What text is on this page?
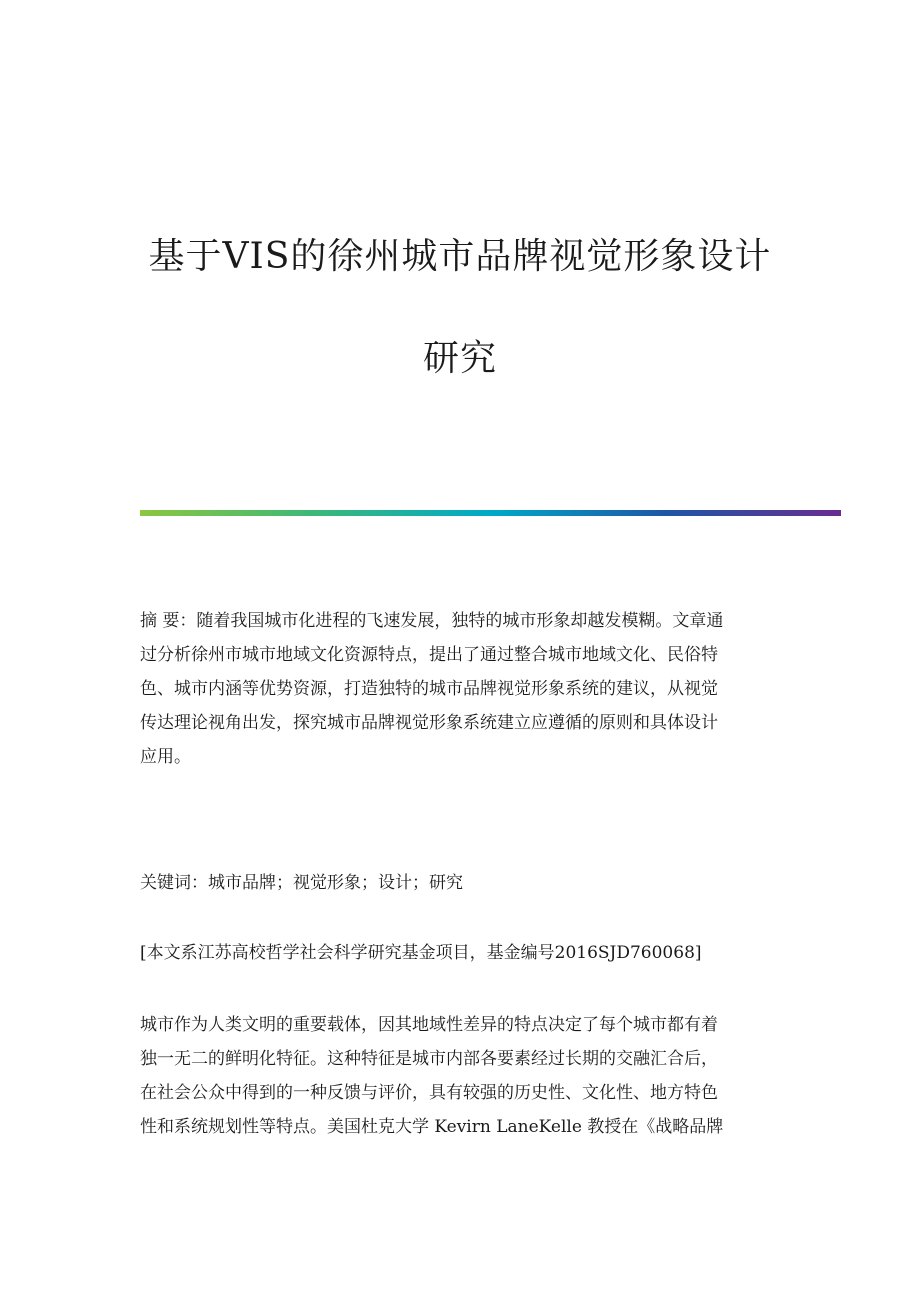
基于VIS的徐州城市品牌视觉形象设计
研究
摘 要：随着我国城市化进程的飞速发展，独特的城市形象却越发模糊。文章通
过分析徐州市城市地域文化资源特点，提出了通过整合城市地域文化、民俗特
色、城市内涵等优势资源，打造独特的城市品牌视觉形象系统的建议，从视觉
传达理论视角出发，探究城市品牌视觉形象系统建立应遵循的原则和具体设计
应用。
关键词：城市品牌；视觉形象；设计；研究
[本文系江苏高校哲学社会科学研究基金项目，基金编号2016SJD760068]
城市作为人类文明的重要载体，因其地域性差异的特点决定了每个城市都有着
独一无二的鲜明化特征。这种特征是城市内部各要素经过长期的交融汇合后，
在社会公众中得到的一种反馈与评价，具有较强的历史性、文化性、地方特色
性和系统规划性等特点。美国杜克大学 Kevirn LaneKelle 教授在《战略品牌
